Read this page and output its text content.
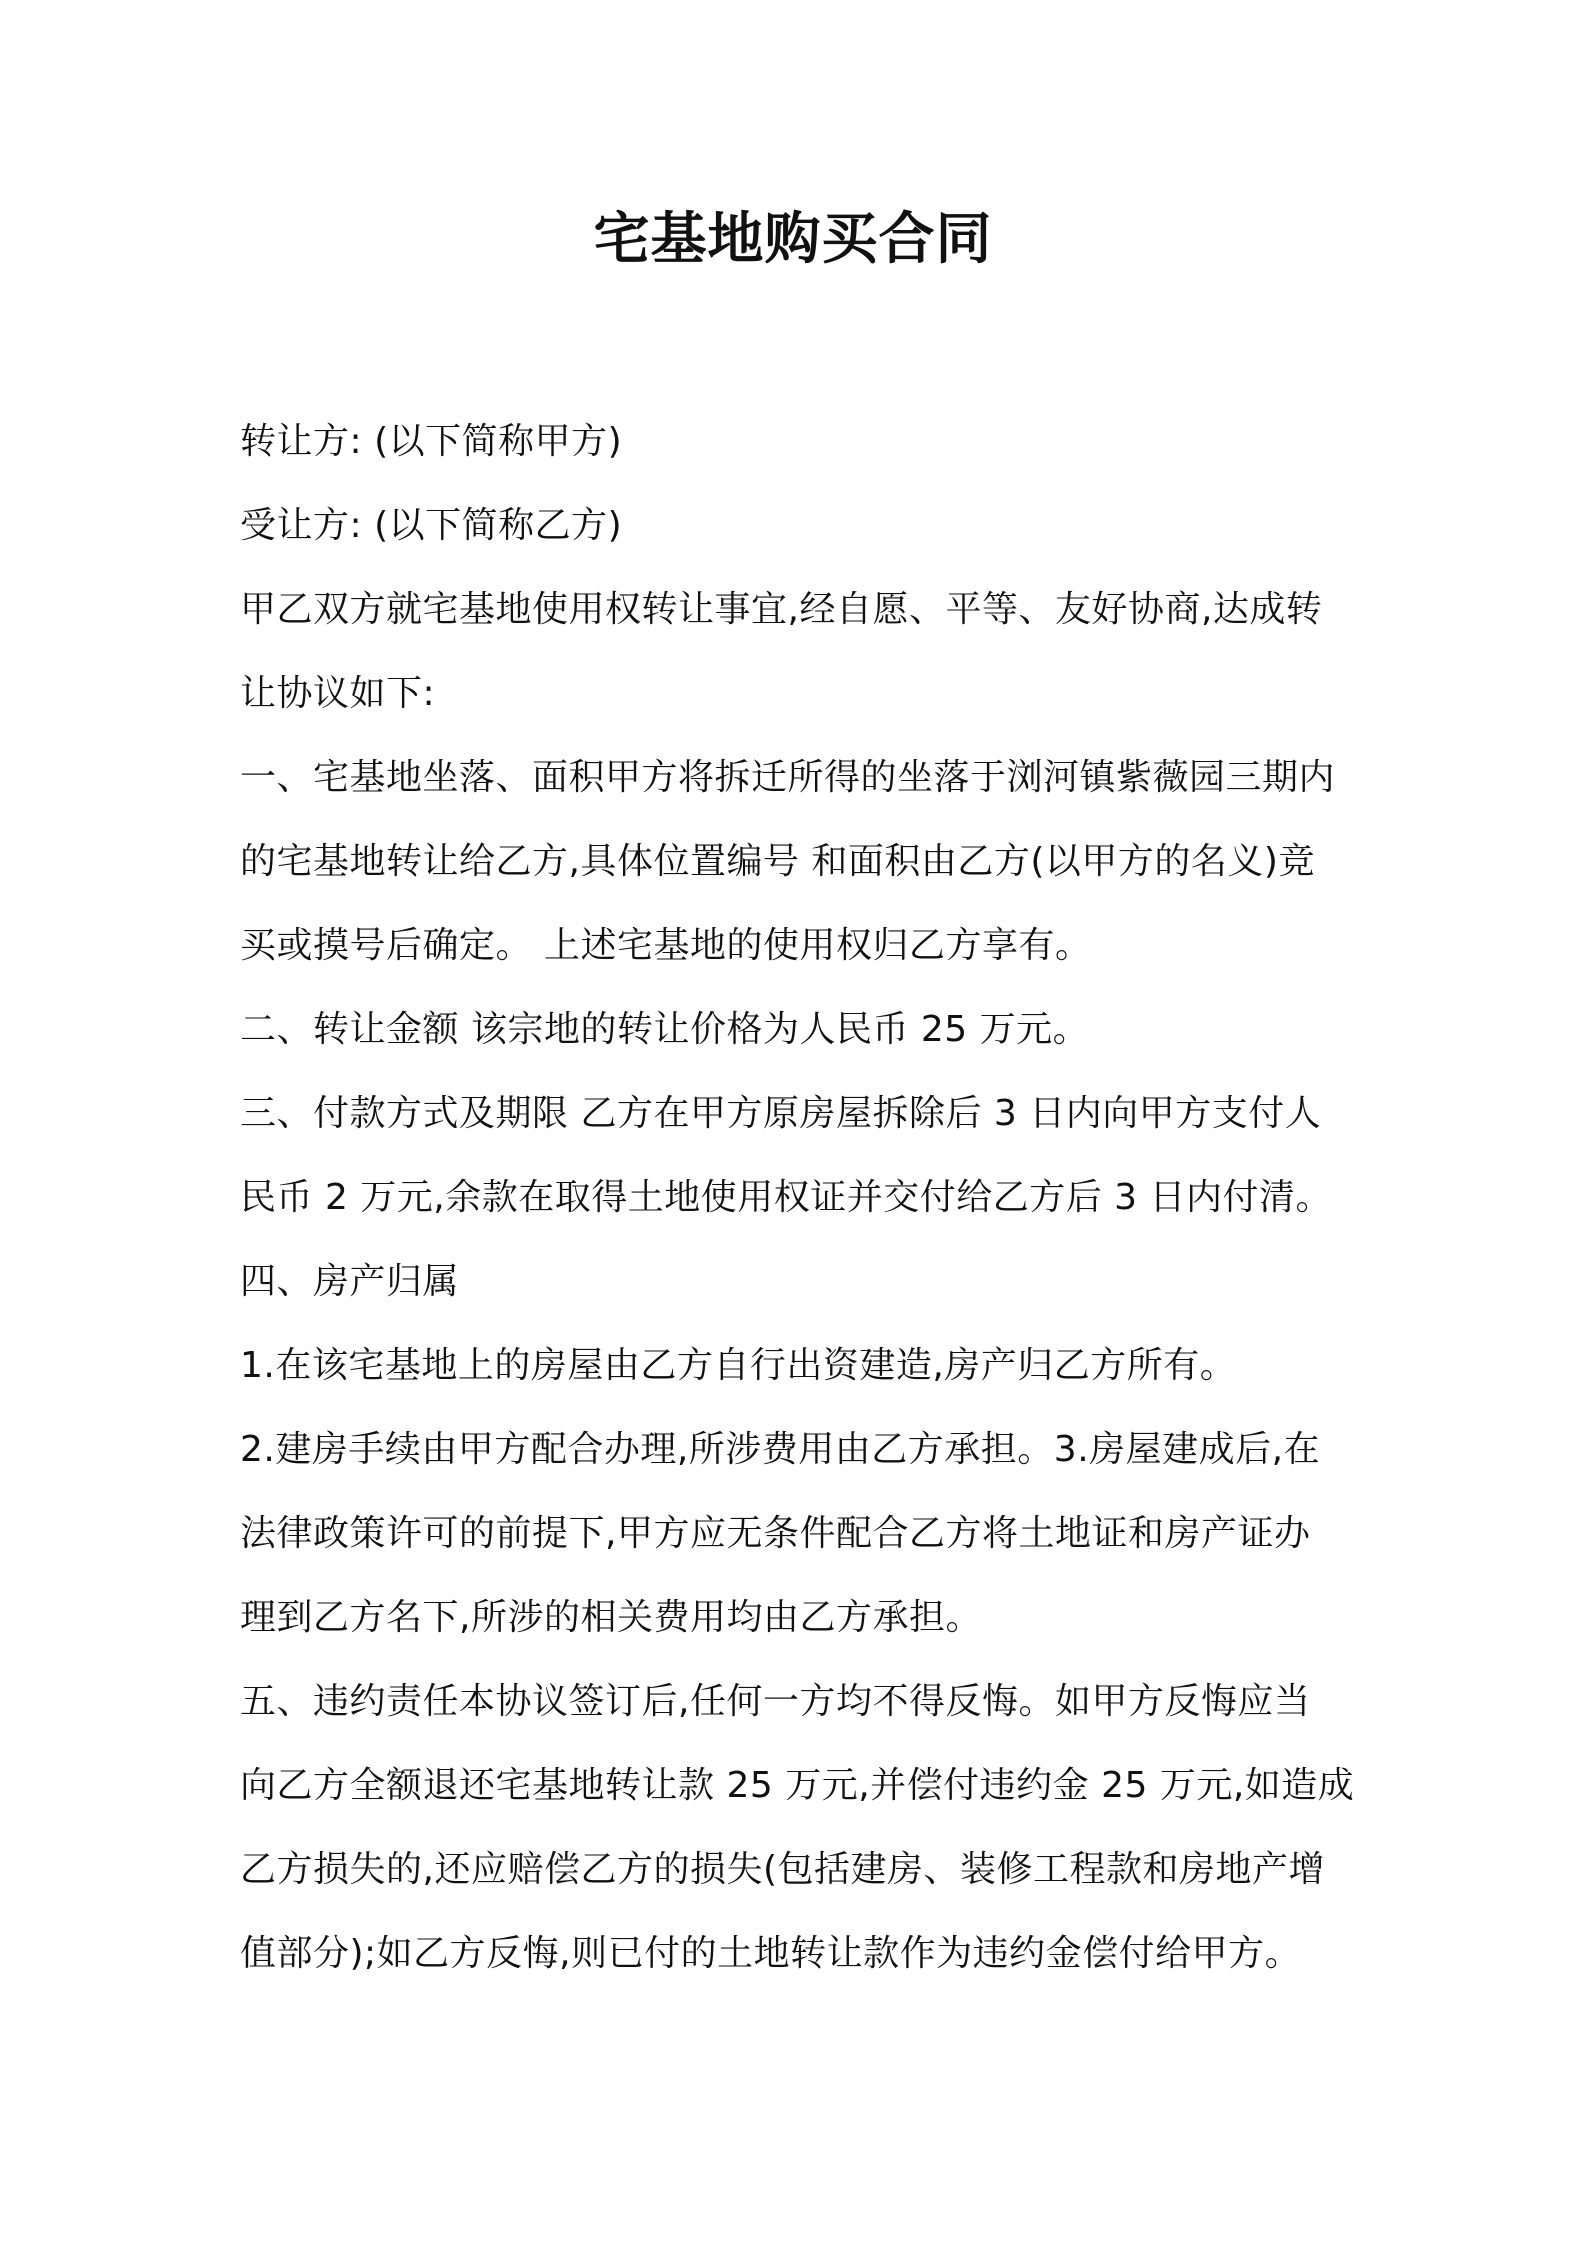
宅基地购买合同
转让方: (以下简称甲方)
受让方: (以下简称乙方)
甲乙双方就宅基地使用权转让事宜,经自愿、平等、友好协商,达成转
让协议如下:
一、宅基地坐落、面积甲方将拆迁所得的坐落于浏河镇紫薇园三期内
的宅基地转让给乙方,具体位置编号 和面积由乙方(以甲方的名义)竞
买或摸号后确定。 上述宅基地的使用权归乙方享有。
二、转让金额 该宗地的转让价格为人民币 25 万元。
三、付款方式及期限 乙方在甲方原房屋拆除后 3 日内向甲方支付人
民币 2 万元,余款在取得土地使用权证并交付给乙方后 3 日内付清。
四、房产归属
1.在该宅基地上的房屋由乙方自行出资建造,房产归乙方所有。
2.建房手续由甲方配合办理,所涉费用由乙方承担。3.房屋建成后,在
法律政策许可的前提下,甲方应无条件配合乙方将土地证和房产证办
理到乙方名下,所涉的相关费用均由乙方承担。
五、违约责任本协议签订后,任何一方均不得反悔。如甲方反悔应当
向乙方全额退还宅基地转让款 25 万元,并偿付违约金 25 万元,如造成
乙方损失的,还应赔偿乙方的损失(包括建房、装修工程款和房地产增
值部分);如乙方反悔,则已付的土地转让款作为违约金偿付给甲方。
